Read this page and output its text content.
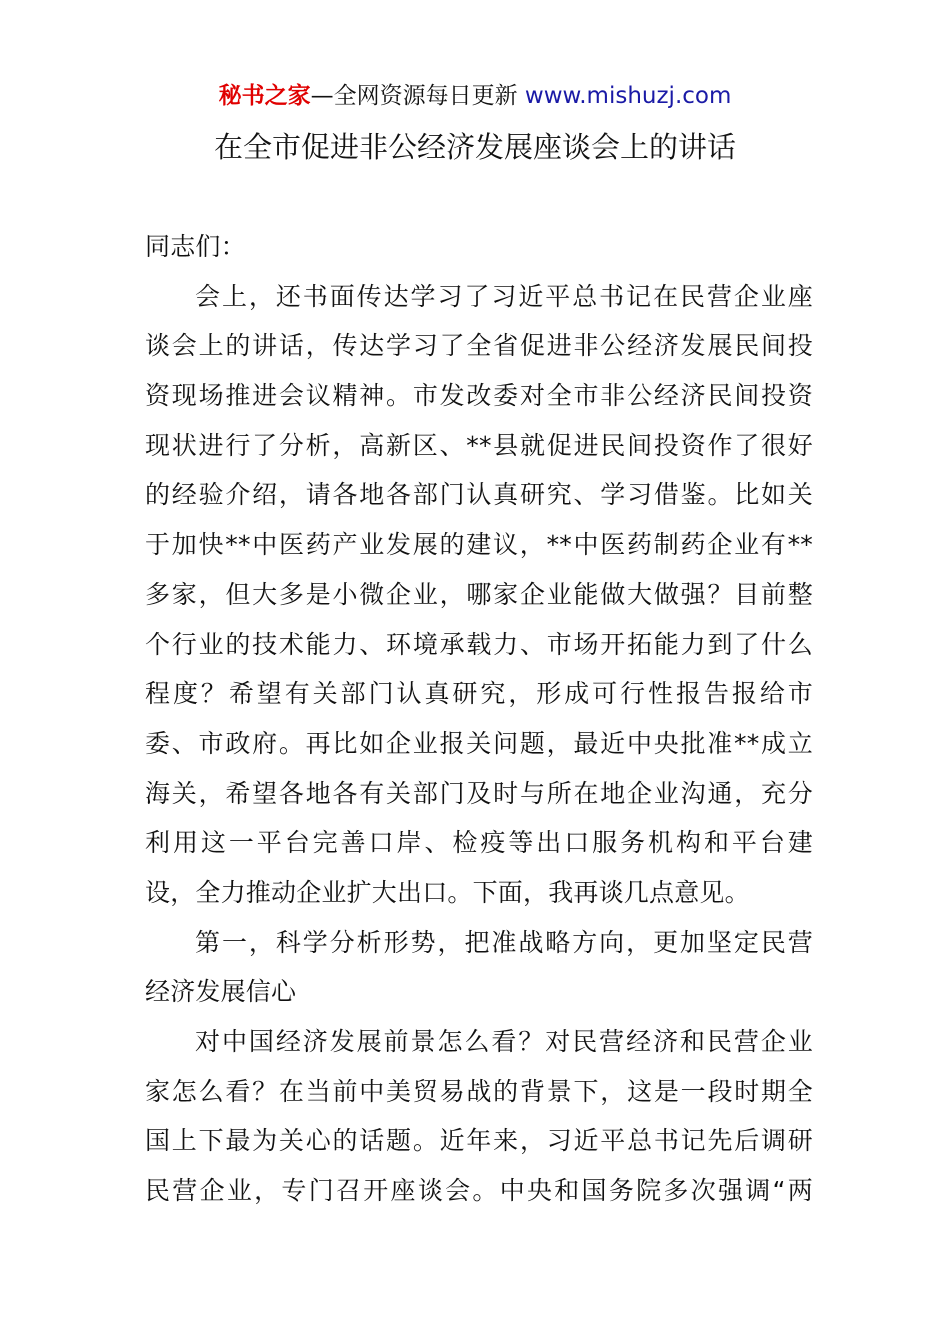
秘书之家—全网资源每日更新 www.mishuzj.com
在全市促进非公经济发展座谈会上的讲话
同志们：
会上，还书面传达学习了习近平总书记在民营企业座
谈会上的讲话，传达学习了全省促进非公经济发展民间投
资现场推进会议精神。市发改委对全市非公经济民间投资
现状进行了分析，高新区、**县就促进民间投资作了很好
的经验介绍，请各地各部门认真研究、学习借鉴。比如关
于加快**中医药产业发展的建议，**中医药制药企业有**
多家，但大多是小微企业，哪家企业能做大做强？目前整
个行业的技术能力、环境承载力、市场开拓能力到了什么
程度？希望有关部门认真研究，形成可行性报告报给市
委、市政府。再比如企业报关问题，最近中央批准**成立
海关，希望各地各有关部门及时与所在地企业沟通，充分
利用这一平台完善口岸、检疫等出口服务机构和平台建
设，全力推动企业扩大出口。下面，我再谈几点意见。
第一，科学分析形势，把准战略方向，更加坚定民营
经济发展信心
对中国经济发展前景怎么看？对民营经济和民营企业
家怎么看？在当前中美贸易战的背景下，这是一段时期全
国上下最为关心的话题。近年来，习近平总书记先后调研
民营企业，专门召开座谈会。中央和国务院多次强调“两
